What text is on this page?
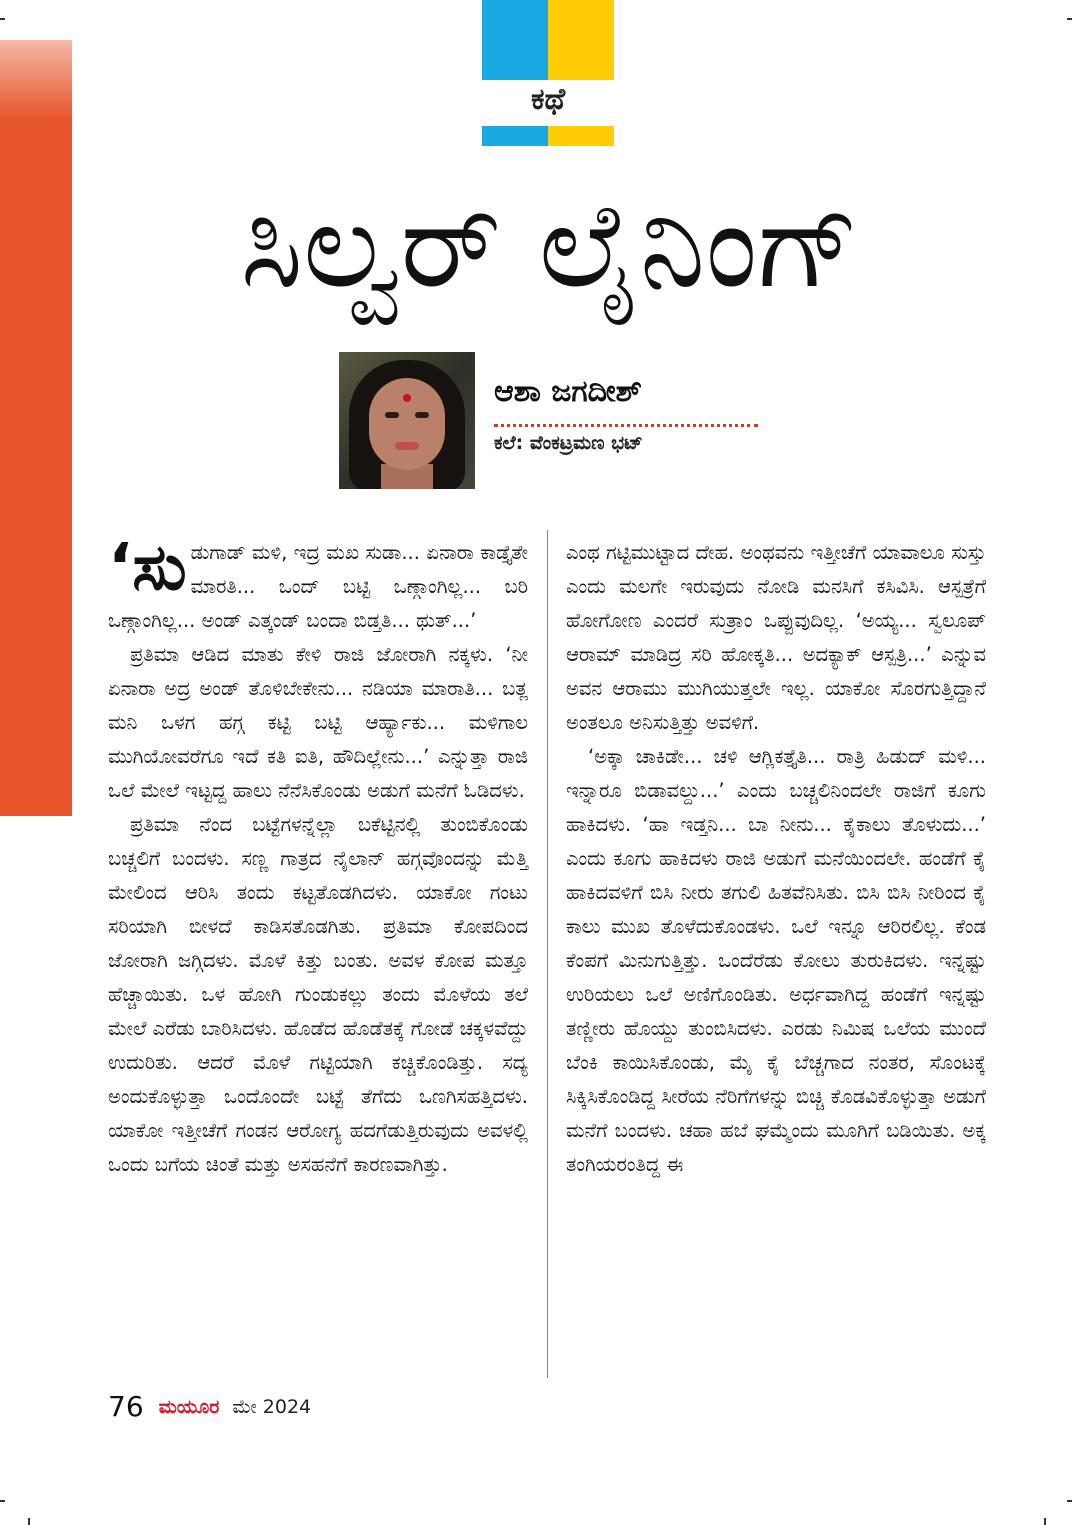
ಕಥೆ
ಸಿಲ್ವರ್ ಲೈನಿಂಗ್
ಆಶಾ ಜಗದೀಶ್
ಕಲೆ: ವೆಂಕಟ್ರಮಣ ಭಟ್

‘ಸುಡುಗಾಡ್ ಮಳಿ, ಇದ್ರ ಮಖ ಸುಡಾ... ಏನಾರಾ ಕಾಡ್ತೈತೇ ಮಾರತಿ... ಒಂದ್ ಬಟ್ಟಿ ಒಣ್ಗಾಂಗಿಲ್ಲ... ಬರಿ ಒಣ್ಗಾಂಗಿಲ್ಲ... ಅಂಡ್ ಎತ್ಕಂಡ್ ಬಂದಾ ಬಿಡ್ತತಿ... ಥುತ್...’

ಪ್ರತಿಮಾ ಆಡಿದ ಮಾತು ಕೇಳಿ ರಾಜಿ ಜೋರಾಗಿ ನಕ್ಕಳು. ‘ನೀ ಏನಾರಾ ಅದ್ರ ಅಂಡ್ ತೊಳಿಬೇಕೇನು... ನಡಿಯಾ ಮಾರಾತಿ... ಬತ್ಲ ಮನಿ ಒಳಗ ಹಗ್ಗ ಕಟ್ಟಿ ಬಟ್ಟಿ ಆರ್ಹ್ಯಾಕು... ಮಳಿಗಾಲ ಮುಗಿಯೋವರೆಗೂ ಇದೆ ಕತಿ ಐತಿ, ಹೌದಿಲ್ಲೇನು...’ ಎನ್ನುತ್ತಾ ರಾಜಿ ಒಲೆ ಮೇಲೆ ಇಟ್ಟದ್ದ ಹಾಲು ನೆನೆಸಿಕೊಂಡು ಅಡುಗೆ ಮನೆಗೆ ಓಡಿದಳು.

ಪ್ರತಿಮಾ ನೆಂದ ಬಟ್ಟೆಗಳನ್ನೆಲ್ಲಾ ಬಕೆಟ್ಟಿನಲ್ಲಿ ತುಂಬಿಕೊಂಡು ಬಚ್ಚಲಿಗೆ ಬಂದಳು. ಸಣ್ಣ ಗಾತ್ರದ ನೈಲಾನ್ ಹಗ್ಗವೊಂದನ್ನು ಮೆತ್ತಿ ಮೇಲಿಂದ ಆರಿಸಿ ತಂದು ಕಟ್ಟತೊಡಗಿದಳು. ಯಾಕೋ ಗಂಟು ಸರಿಯಾಗಿ ಬೀಳದೆ ಕಾಡಿಸತೊಡಗಿತು. ಪ್ರತಿಮಾ ಕೋಪದಿಂದ ಜೋರಾಗಿ ಜಗ್ಗಿದಳು. ಮೊಳೆ ಕಿತ್ತು ಬಂತು. ಅವಳ ಕೋಪ ಮತ್ತೂ ಹೆಚ್ಚಾಯಿತು. ಒಳ ಹೋಗಿ ಗುಂಡುಕಲ್ಲು ತಂದು ಮೊಳೆಯ ತಲೆ ಮೇಲೆ ಎರೆಡು ಬಾರಿಸಿದಳು. ಹೊಡೆದ ಹೊಡೆತಕ್ಕೆ ಗೋಡೆ ಚಕ್ಕಳವೆದ್ದು ಉದುರಿತು. ಆದರೆ ಮೊಳೆ ಗಟ್ಟಿಯಾಗಿ ಕಚ್ಚಿಕೊಂಡಿತ್ತು. ಸದ್ಯ ಅಂದುಕೊಳ್ಳುತ್ತಾ ಒಂದೊಂದೇ ಬಟ್ಟೆ ತೆಗೆದು ಒಣಗಿಸಹತ್ತಿದಳು. ಯಾಕೋ ಇತ್ತೀಚೆಗೆ ಗಂಡನ ಆರೋಗ್ಯ ಹದಗೆಡುತ್ತಿರುವುದು ಅವಳಲ್ಲಿ ಒಂದು ಬಗೆಯ ಚಿಂತೆ ಮತ್ತು ಅಸಹನೆಗೆ ಕಾರಣವಾಗಿತ್ತು.

ಎಂಥ ಗಟ್ಟಿಮುಟ್ಟಾದ ದೇಹ. ಅಂಥವನು ಇತ್ತೀಚೆಗೆ ಯಾವಾಲೂ ಸುಸ್ತು ಎಂದು ಮಲಗೇ ಇರುವುದು ನೋಡಿ ಮನಸಿಗೆ ಕಸಿವಿಸಿ. ಆಸ್ಪತ್ರೆಗೆ ಹೋಗೋಣ ಎಂದರೆ ಸುತ್ರಾಂ ಒಪ್ಪುವುದಿಲ್ಲ. ‘ಅಯ್ಯ... ಸ್ವಲೂಪ್ ಆರಾಮ್ ಮಾಡಿದ್ರ ಸರಿ ಹೋಕ್ಕತಿ... ಅದಕ್ಯಾಕ್ ಆಸ್ಪತ್ರಿ...’ ಎನ್ನುವ ಅವನ ಆರಾಮು ಮುಗಿಯುತ್ತಲೇ ಇಲ್ಲ. ಯಾಕೋ ಸೊರಗುತ್ತಿದ್ದಾನೆ ಅಂತಲೂ ಅನಿಸುತ್ತಿತ್ತು ಅವಳಿಗೆ.

‘ಅಕ್ಕಾ ಚಾಕಿಡೇ... ಚಳಿ ಆಗ್ಲಿಕತ್ತೈತಿ... ರಾತ್ರಿ ಹಿಡುದ್ ಮಳಿ... ಇನ್ನಾರೂ ಬಿಡಾವಲ್ದು...’ ಎಂದು ಬಚ್ಚಲಿನಿಂದಲೇ ರಾಜಿಗೆ ಕೂಗು ಹಾಕಿದಳು. ‘ಹಾ ಇಡ್ತನಿ... ಬಾ ನೀನು... ಕೈಕಾಲು ತೊಳುದು...’ ಎಂದು ಕೂಗು ಹಾಕಿದಳು ರಾಜಿ ಅಡುಗೆ ಮನೆಯಿಂದಲೇ. ಹಂಡೆಗೆ ಕೈ ಹಾಕಿದವಳಿಗೆ ಬಿಸಿ ನೀರು ತಗುಲಿ ಹಿತವೆನಿಸಿತು. ಬಿಸಿ ಬಿಸಿ ನೀರಿಂದ ಕೈ ಕಾಲು ಮುಖ ತೊಳೆದುಕೊಂಡಳು. ಒಲೆ ಇನ್ನೂ ಆರಿರಲಿಲ್ಲ. ಕೆಂಡ ಕೆಂಪಗೆ ಮಿನುಗುತ್ತಿತ್ತು. ಒಂದೆರೆಡು ಕೋಲು ತುರುಕಿದಳು. ಇನ್ನಷ್ಟು ಉರಿಯಲು ಒಲೆ ಅಣಿಗೊಂಡಿತು. ಅರ್ಧವಾಗಿದ್ದ ಹಂಡೆಗೆ ಇನ್ನಷ್ಟು ತಣ್ಣೀರು ಹೊಯ್ದು ತುಂಬಿಸಿದಳು. ಎರಡು ನಿಮಿಷ ಒಲೆಯ ಮುಂದೆ ಬೆಂಕಿ ಕಾಯಿಸಿಕೊಂಡು, ಮೈ ಕೈ ಬೆಚ್ಚಗಾದ ನಂತರ, ಸೊಂಟಕ್ಕೆ ಸಿಕ್ಕಿಸಿಕೊಂಡಿದ್ದ ಸೀರೆಯ ನೆರಿಗೆಗಳನ್ನು ಬಿಚ್ಚಿ ಕೊಡವಿಕೊಳ್ಳುತ್ತಾ ಅಡುಗೆ ಮನೆಗೆ ಬಂದಳು. ಚಹಾ ಹಬೆ ಘಮ್ಮೆಂದು ಮೂಗಿಗೆ ಬಡಿಯಿತು. ಅಕ್ಕ ತಂಗಿಯರಂತಿದ್ದ ಈ

76 ಮಯೂರ ಮೇ 2024
